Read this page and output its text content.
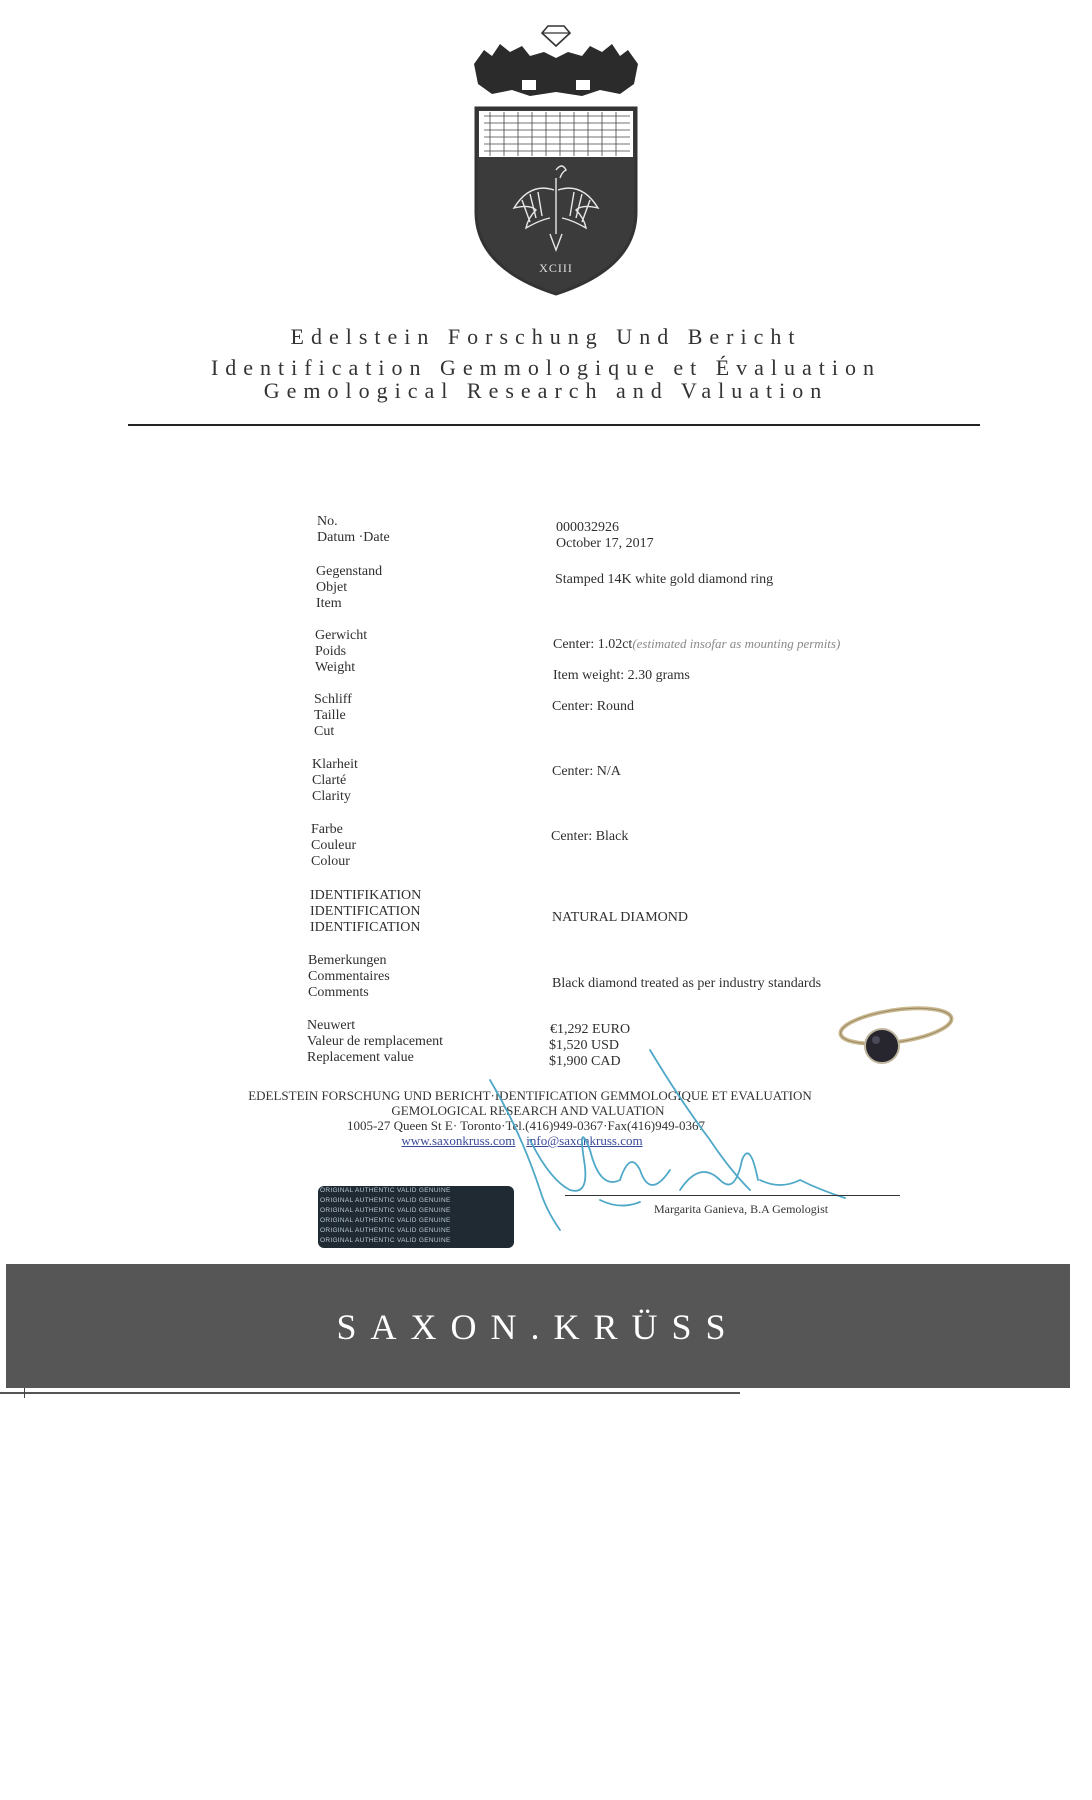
XCIII
Edelstein Forschung Und Bericht
Identification Gemmologique et Évaluation
Gemological Research and Valuation
No.
Datum ·Date
Gegenstand
Objet
Item
Gerwicht
Poids
Weight
Schliff
Taille
Cut
Klarheit
Clarté
Clarity
Farbe
Couleur
Colour
IDENTIFIKATION
IDENTIFICATION
IDENTIFICATION
Bemerkungen
Commentaires
Comments
Neuwert
Valeur de remplacement
Replacement value
000032926
October 17, 2017
Stamped 14K white gold diamond ring
Center: 1.02ct(estimated insofar as mounting permits)
Item weight: 2.30 grams
Center: Round
Center: N/A
Center: Black
NATURAL DIAMOND
Black diamond treated as per industry standards
€1,292 EURO
$1,520 USD
$1,900 CAD
EDELSTEIN FORSCHUNG UND BERICHT·IDENTIFICATION GEMMOLOGIQUE ET EVALUATION
GEMOLOGICAL RESEARCH AND VALUATION
1005-27 Queen St E· Toronto·Tel.(416)949-0367·Fax(416)949-0367
www.saxonkruss.com · info@saxonkruss.com
ORIGINAL AUTHENTIC VALID GENUINE
ORIGINAL AUTHENTIC VALID GENUINE
ORIGINAL AUTHENTIC VALID GENUINE
ORIGINAL AUTHENTIC VALID GENUINE
ORIGINAL AUTHENTIC VALID GENUINE
ORIGINAL AUTHENTIC VALID GENUINE
Margarita Ganieva, B.A Gemologist
SAXON.KRÜSS
